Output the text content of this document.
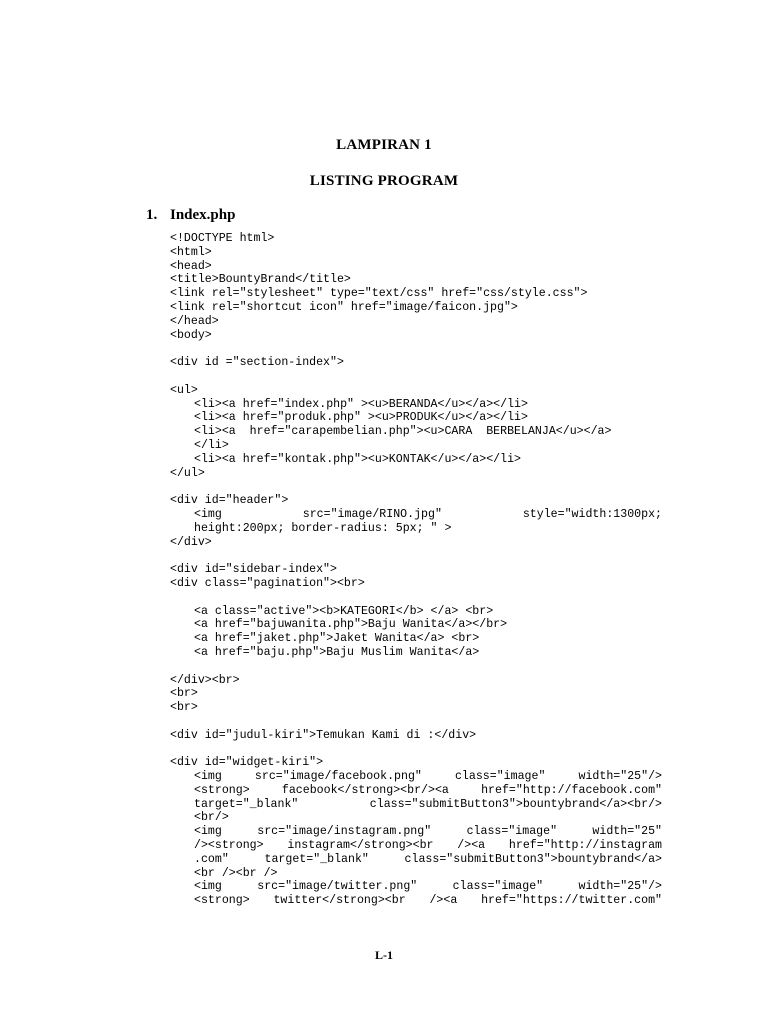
LAMPIRAN 1
LISTING PROGRAM
1. Index.php
<!DOCTYPE html>
<html>
<head>
<title>BountyBrand</title>
<link rel="stylesheet" type="text/css" href="css/style.css">
<link rel="shortcut icon" href="image/faicon.jpg">
</head>
<body>
<div id ="section-index">
<ul>
<li><a href="index.php" ><u>BERANDA</u></a></li>
<li><a href="produk.php" ><u>PRODUK</u></a></li>
<li><a  href="carapembelian.php"><u>CARA  BERBELANJA</u></a>
</li>
<li><a href="kontak.php"><u>KONTAK</u></a></li>
</ul>
<div id="header">
<img src="image/RINO.jpg" style="width:1300px;
height:200px; border-radius: 5px; " >
</div>
<div id="sidebar-index">
<div class="pagination"><br>
<a class="active"><b>KATEGORI</b> </a> <br>
<a href="bajuwanita.php">Baju Wanita</a></br>
<a href="jaket.php">Jaket Wanita</a> <br>
<a href="baju.php">Baju Muslim Wanita</a>
</div><br>
<br>
<br>
<div id="judul-kiri">Temukan Kami di :</div>
<div id="widget-kiri">
<img src="image/facebook.png" class="image" width="25"/>
<strong> facebook</strong><br/><a href="http://facebook.com"
target="_blank" class="submitButton3">bountybrand</a><br/>
<br/>
<img src="image/instagram.png" class="image" width="25"
/><strong> instagram</strong><br /><a href="http://instagram
.com" target="_blank" class="submitButton3">bountybrand</a>
<br /><br />
<img src="image/twitter.png" class="image" width="25"/>
<strong> twitter</strong><br /><a href="https://twitter.com"
L-1
